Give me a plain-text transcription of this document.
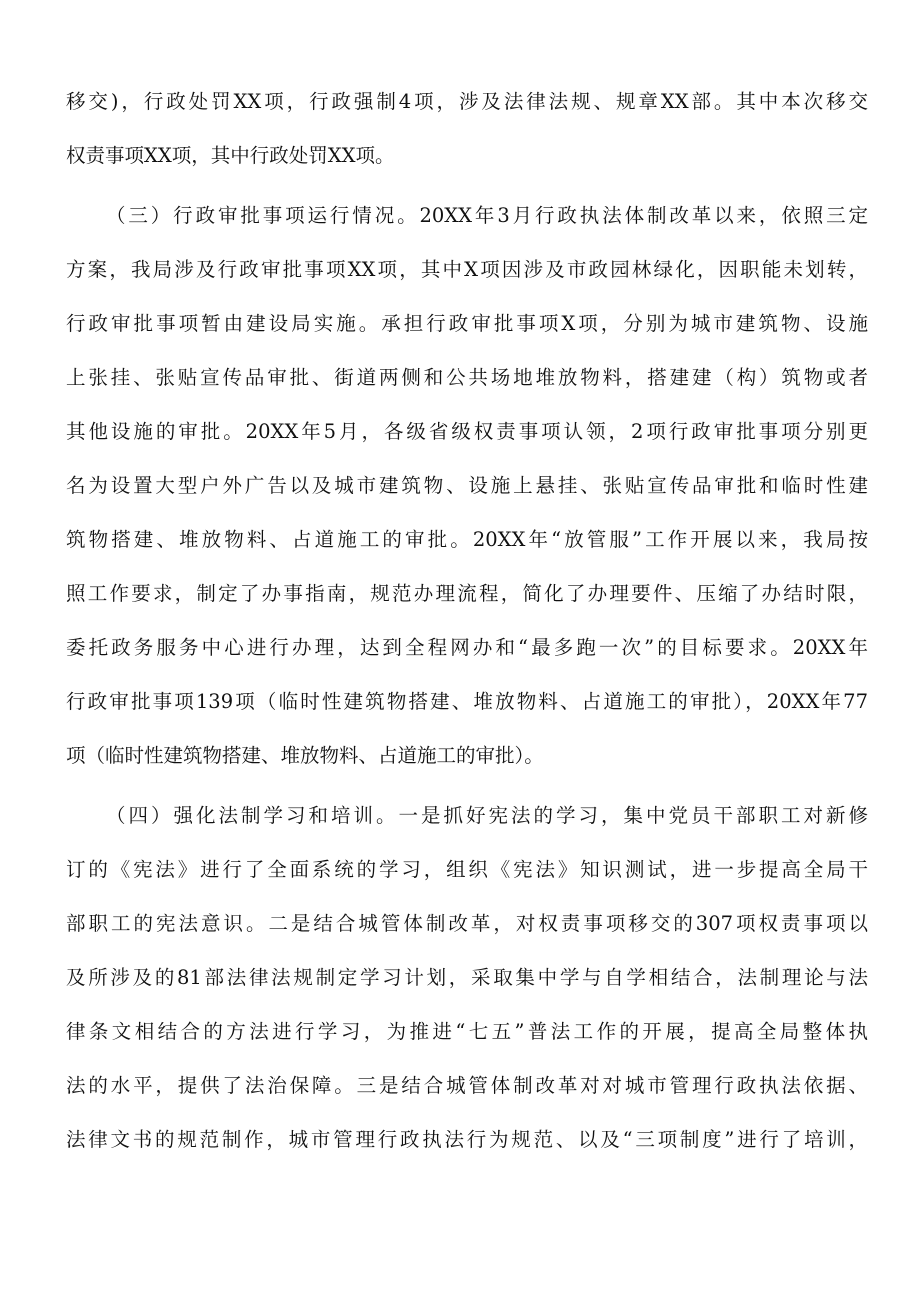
移交)，行政处罚XX项，行政强制4项，涉及法律法规、规章XX部。其中本次移交
权责事项XX项，其中行政处罚XX项。
（三）行政审批事项运行情况。20XX年3月行政执法体制改革以来，依照三定
方案，我局涉及行政审批事项XX项，其中X项因涉及市政园林绿化，因职能未划转，
行政审批事项暂由建设局实施。承担行政审批事项X项，分别为城市建筑物、设施
上张挂、张贴宣传品审批、街道两侧和公共场地堆放物料，搭建建（构）筑物或者
其他设施的审批。20XX年5月，各级省级权责事项认领，2项行政审批事项分别更
名为设置大型户外广告以及城市建筑物、设施上悬挂、张贴宣传品审批和临时性建
筑物搭建、堆放物料、占道施工的审批。20XX年“放管服”工作开展以来，我局按
照工作要求，制定了办事指南，规范办理流程，简化了办理要件、压缩了办结时限，
委托政务服务中心进行办理，达到全程网办和“最多跑一次”的目标要求。20XX年
行政审批事项139项（临时性建筑物搭建、堆放物料、占道施工的审批），20XX年77
项（临时性建筑物搭建、堆放物料、占道施工的审批）。
（四）强化法制学习和培训。一是抓好宪法的学习，集中党员干部职工对新修
订的《宪法》进行了全面系统的学习，组织《宪法》知识测试，进一步提高全局干
部职工的宪法意识。二是结合城管体制改革，对权责事项移交的307项权责事项以
及所涉及的81部法律法规制定学习计划，采取集中学与自学相结合，法制理论与法
律条文相结合的方法进行学习，为推进“七五”普法工作的开展，提高全局整体执
法的水平，提供了法治保障。三是结合城管体制改革对对城市管理行政执法依据、
法律文书的规范制作，城市管理行政执法行为规范、以及“三项制度”进行了培训，
